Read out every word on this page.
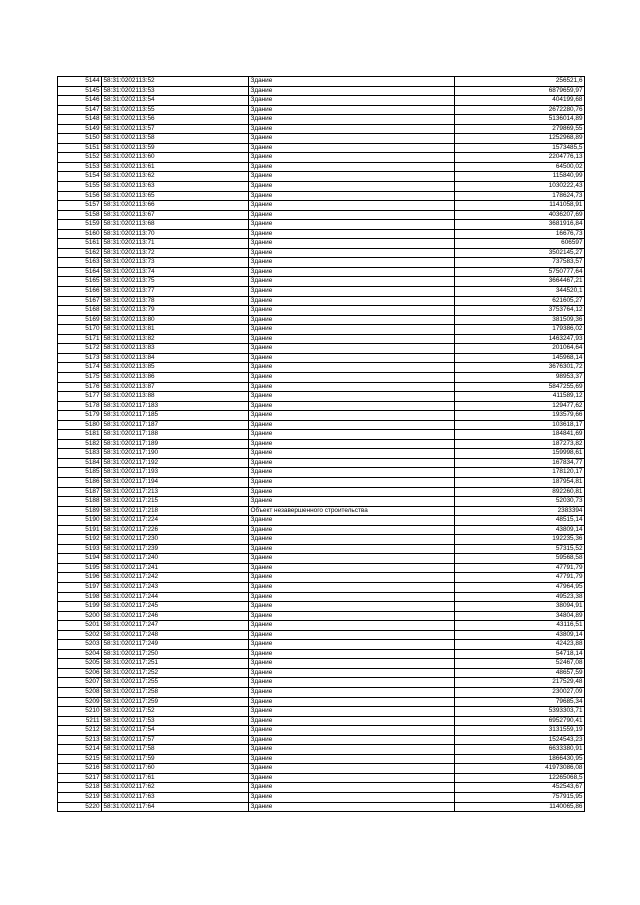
5144	58:31:0202113:52	Здание	256521,6
5145	58:31:0202113:53	Здание	6879659,97
5146	58:31:0202113:54	Здание	404199,68
5147	58:31:0202113:55	Здание	2672280,76
5148	58:31:0202113:56	Здание	5136014,89
5149	58:31:0202113:57	Здание	279869,55
5150	58:31:0202113:58	Здание	1252968,89
5151	58:31:0202113:59	Здание	1573485,5
5152	58:31:0202113:60	Здание	2204776,13
5153	58:31:0202113:61	Здание	64500,02
5154	58:31:0202113:62	Здание	115840,99
5155	58:31:0202113:63	Здание	1030222,43
5156	58:31:0202113:65	Здание	178624,73
5157	58:31:0202113:66	Здание	1141058,91
5158	58:31:0202113:67	Здание	4036207,69
5159	58:31:0202113:68	Здание	3681916,84
5160	58:31:0202113:70	Здание	16676,73
5161	58:31:0202113:71	Здание	606597
5162	58:31:0202113:72	Здание	3502145,27
5163	58:31:0202113:73	Здание	737583,57
5164	58:31:0202113:74	Здание	5750777,64
5165	58:31:0202113:75	Здание	3664467,21
5166	58:31:0202113:77	Здание	344520,1
5167	58:31:0202113:78	Здание	621605,27
5168	58:31:0202113:79	Здание	3753764,12
5169	58:31:0202113:80	Здание	381509,36
5170	58:31:0202113:81	Здание	179386,02
5171	58:31:0202113:82	Здание	1463247,93
5172	58:31:0202113:83	Здание	201064,64
5173	58:31:0202113:84	Здание	145968,14
5174	58:31:0202113:85	Здание	3676301,72
5175	58:31:0202113:86	Здание	98953,37
5176	58:31:0202113:87	Здание	5847255,69
5177	58:31:0202113:88	Здание	411589,12
5178	58:31:0202117:183	Здание	129477,62
5179	58:31:0202117:185	Здание	193579,66
5180	58:31:0202117:187	Здание	103618,17
5181	58:31:0202117:188	Здание	184841,69
5182	58:31:0202117:189	Здание	187273,82
5183	58:31:0202117:190	Здание	159998,61
5184	58:31:0202117:192	Здание	167834,77
5185	58:31:0202117:193	Здание	178120,17
5186	58:31:0202117:194	Здание	187954,81
5187	58:31:0202117:213	Здание	892260,81
5188	58:31:0202117:215	Здание	52030,73
5189	58:31:0202117:218	Объект незавершенного строительства	2383394
5190	58:31:0202117:224	Здание	48515,14
5191	58:31:0202117:226	Здание	43809,14
5192	58:31:0202117:230	Здание	192235,36
5193	58:31:0202117:239	Здание	57315,52
5194	58:31:0202117:240	Здание	59568,58
5195	58:31:0202117:241	Здание	47791,79
5196	58:31:0202117:242	Здание	47791,79
5197	58:31:0202117:243	Здание	47964,95
5198	58:31:0202117:244	Здание	49523,38
5199	58:31:0202117:245	Здание	38094,91
5200	58:31:0202117:246	Здание	34804,89
5201	58:31:0202117:247	Здание	43116,51
5202	58:31:0202117:248	Здание	43809,14
5203	58:31:0202117:249	Здание	42423,88
5204	58:31:0202117:250	Здание	54718,14
5205	58:31:0202117:251	Здание	52467,08
5206	58:31:0202117:252	Здание	48657,59
5207	58:31:0202117:255	Здание	217529,48
5208	58:31:0202117:258	Здание	230027,09
5209	58:31:0202117:259	Здание	79685,34
5210	58:31:0202117:52	Здание	5393303,71
5211	58:31:0202117:53	Здание	6952790,41
5212	58:31:0202117:54	Здание	3131559,19
5213	58:31:0202117:57	Здание	1524543,23
5214	58:31:0202117:58	Здание	6633380,91
5215	58:31:0202117:59	Здание	1866430,95
5216	58:31:0202117:60	Здание	41973086,08
5217	58:31:0202117:61	Здание	12265068,5
5218	58:31:0202117:62	Здание	452543,67
5219	58:31:0202117:63	Здание	757915,95
5220	58:31:0202117:64	Здание	1140065,86
